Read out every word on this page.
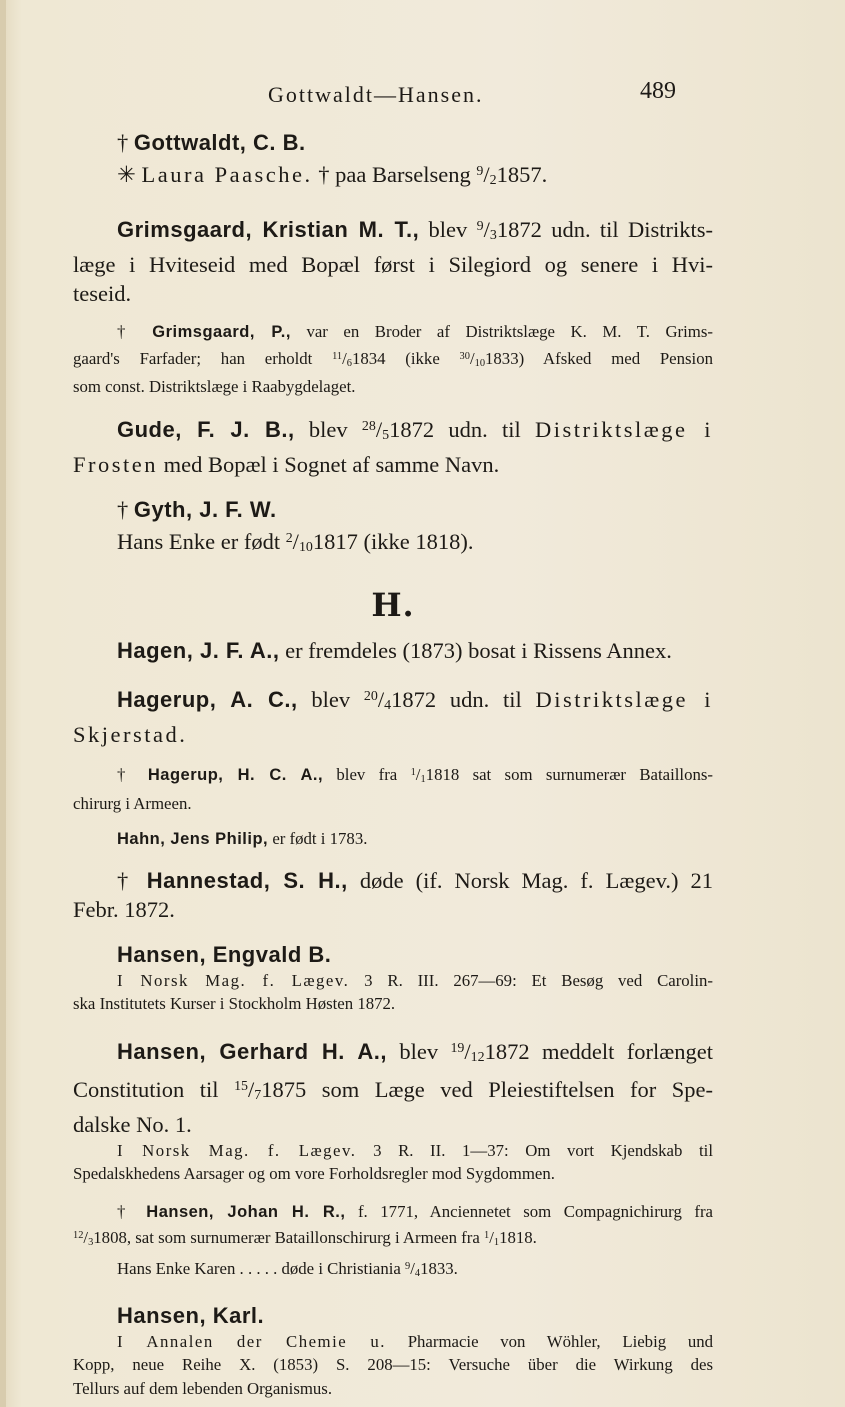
Gottwaldt—Hansen.	489
† Gottwaldt, C. B.
✳ Laura Paasche. † paa Barselseng $^9$/21857.
Grimsgaard, Kristian M. T., blev $^9$/31872 udn. til Distrikts-
læge i Hviteseid med Bopæl først i Silegiord og senere i Hvi-
teseid.
† Grimsgaard, P., var en Broder af Distriktslæge K. M. T. Grims-
gaard's Farfader; han erholdt $^{11}$/61834 (ikke $^{30}$/101833) Afsked med Pension
som const. Distriktslæge i Raabygdelaget.
Gude, F. J. B., blev $^{28}$/51872 udn. til Distriktslæge i
Frosten med Bopæl i Sognet af samme Navn.
† Gyth, J. F. W.
Hans Enke er født $^2$/101817 (ikke 1818).
H.
Hagen, J. F. A., er fremdeles (1873) bosat i Rissens Annex.
Hagerup, A. C., blev $^{20}$/41872 udn. til Distriktslæge i
Skjerstad.
† Hagerup, H. C. A., blev fra $^1$/11818 sat som surnumerær Bataillons-
chirurg i Armeen.
Hahn, Jens Philip, er født i 1783.
† Hannestad, S. H., døde (if. Norsk Mag. f. Lægev.) 21
Febr. 1872.
Hansen, Engvald B.
I Norsk Mag. f. Lægev. 3 R. III. 267—69: Et Besøg ved Carolin-
ska Institutets Kurser i Stockholm Høsten 1872.
Hansen, Gerhard H. A., blev $^{19}$/121872 meddelt forlænget
Constitution til $^{15}$/71875 som Læge ved Pleiestiftelsen for Spe-
dalske No. 1.
I Norsk Mag. f. Lægev. 3 R. II. 1—37: Om vort Kjendskab til
Spedalskhedens Aarsager og om vore Forholdsregler mod Sygdommen.
† Hansen, Johan H. R., f. 1771, Anciennetet som Compagnichirurg fra
$^{12}$/31808, sat som surnumerær Bataillonschirurg i Armeen fra $^1$/11818.
Hans Enke Karen . . . . . døde i Christiania $^9$/41833.
Hansen, Karl.
I Annalen der Chemie u. Pharmacie von Wöhler, Liebig und
Kopp, neue Reihe X. (1853) S. 208—15: Versuche über die Wirkung des
Tellurs auf dem lebenden Organismus.
